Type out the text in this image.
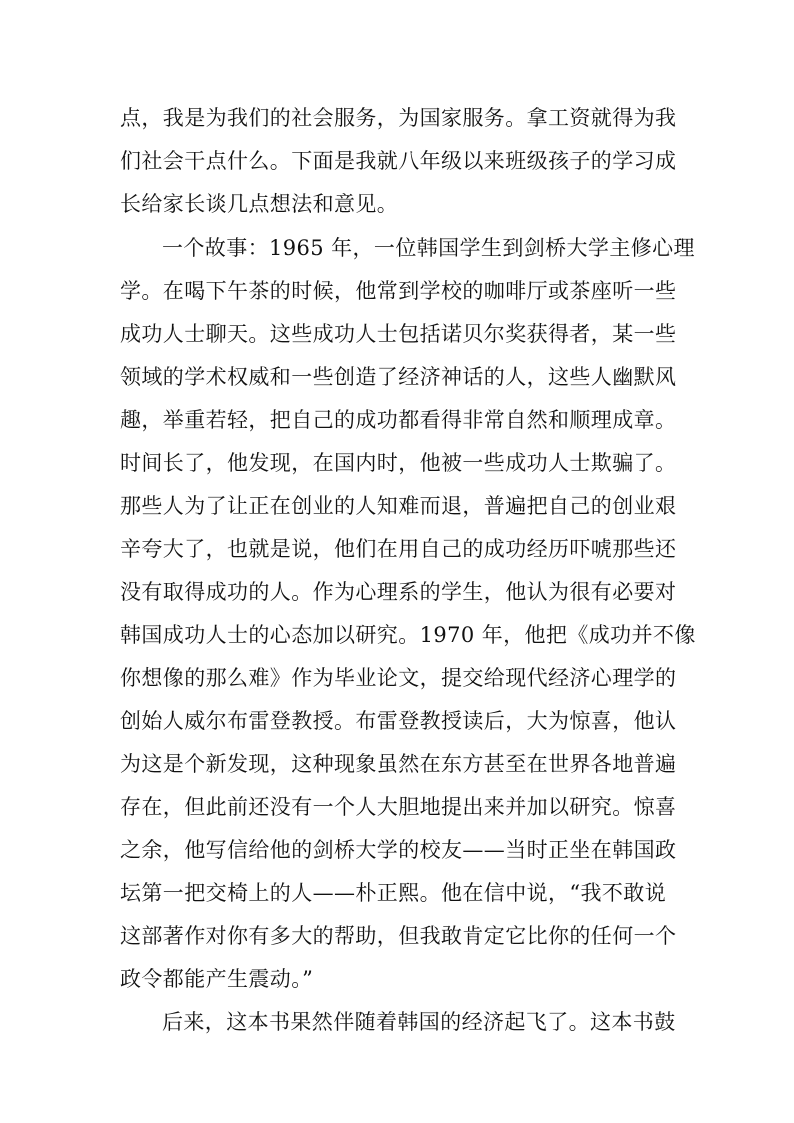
点，我是为我们的社会服务，为国家服务。拿工资就得为我
们社会干点什么。下面是我就八年级以来班级孩子的学习成
长给家长谈几点想法和意见。
一个故事：1965 年，一位韩国学生到剑桥大学主修心理
学。在喝下午茶的时候，他常到学校的咖啡厅或茶座听一些
成功人士聊天。这些成功人士包括诺贝尔奖获得者，某一些
领域的学术权威和一些创造了经济神话的人，这些人幽默风
趣，举重若轻，把自己的成功都看得非常自然和顺理成章。
时间长了，他发现，在国内时，他被一些成功人士欺骗了。
那些人为了让正在创业的人知难而退，普遍把自己的创业艰
辛夸大了，也就是说，他们在用自己的成功经历吓唬那些还
没有取得成功的人。作为心理系的学生，他认为很有必要对
韩国成功人士的心态加以研究。1970 年，他把《成功并不像
你想像的那么难》作为毕业论文，提交给现代经济心理学的
创始人威尔布雷登教授。布雷登教授读后，大为惊喜，他认
为这是个新发现，这种现象虽然在东方甚至在世界各地普遍
存在，但此前还没有一个人大胆地提出来并加以研究。惊喜
之余，他写信给他的剑桥大学的校友——当时正坐在韩国政
坛第一把交椅上的人——朴正熙。他在信中说，“我不敢说
这部著作对你有多大的帮助，但我敢肯定它比你的任何一个
政令都能产生震动。”
后来，这本书果然伴随着韩国的经济起飞了。这本书鼓
